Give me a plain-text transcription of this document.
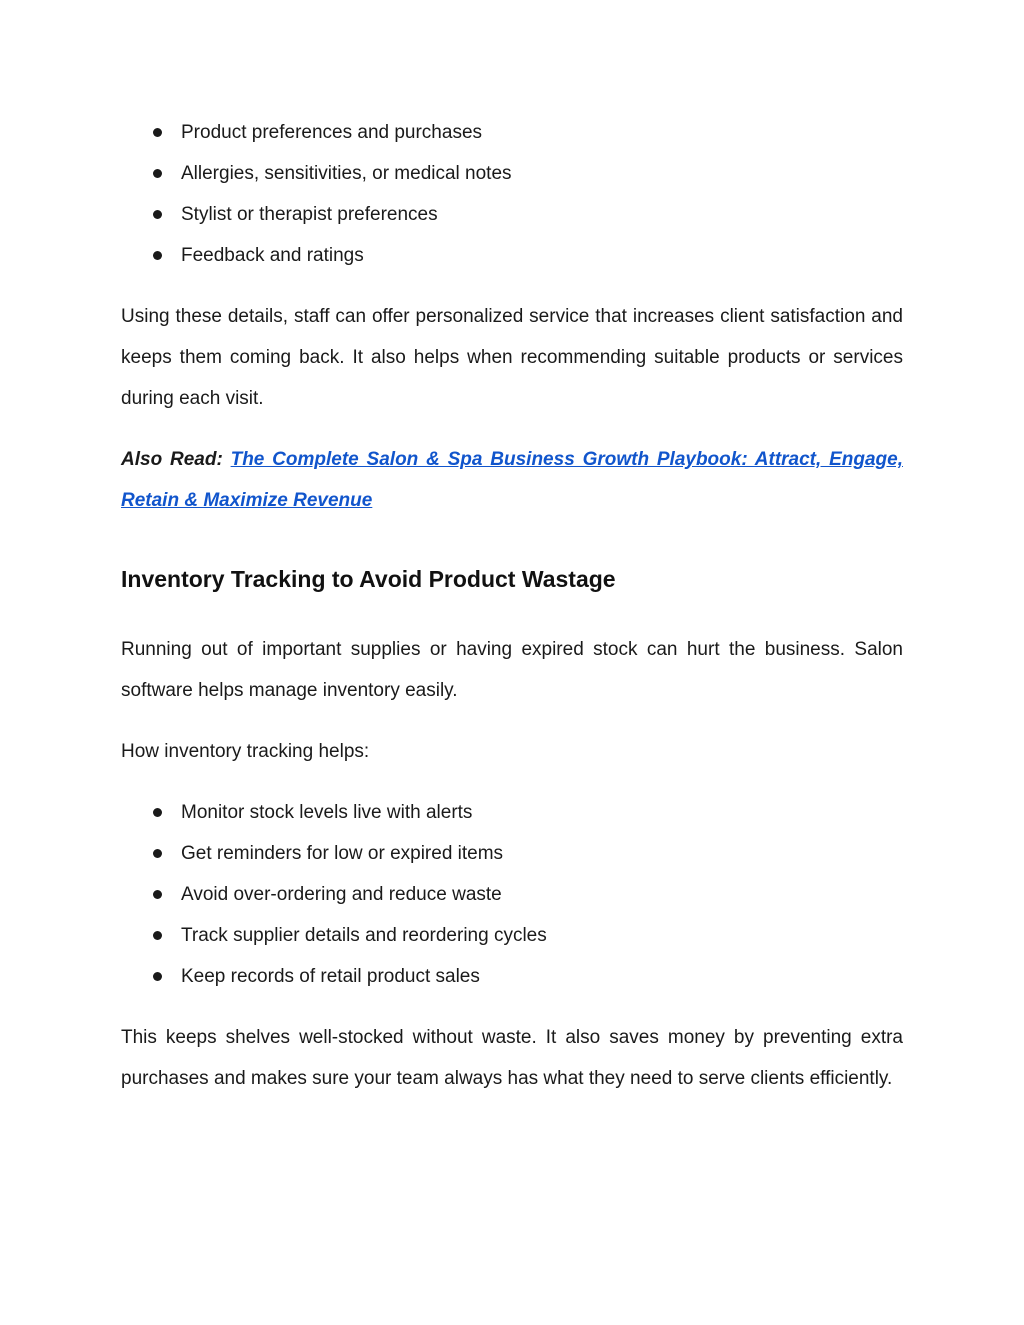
Product preferences and purchases
Allergies, sensitivities, or medical notes
Stylist or therapist preferences
Feedback and ratings

Using these details, staff can offer personalized service that increases client satisfaction and keeps them coming back. It also helps when recommending suitable products or services during each visit.

Also Read: The Complete Salon & Spa Business Growth Playbook: Attract, Engage, Retain & Maximize Revenue

Inventory Tracking to Avoid Product Wastage

Running out of important supplies or having expired stock can hurt the business. Salon software helps manage inventory easily.

How inventory tracking helps:

Monitor stock levels live with alerts
Get reminders for low or expired items
Avoid over-ordering and reduce waste
Track supplier details and reordering cycles
Keep records of retail product sales

This keeps shelves well-stocked without waste. It also saves money by preventing extra purchases and makes sure your team always has what they need to serve clients efficiently.
